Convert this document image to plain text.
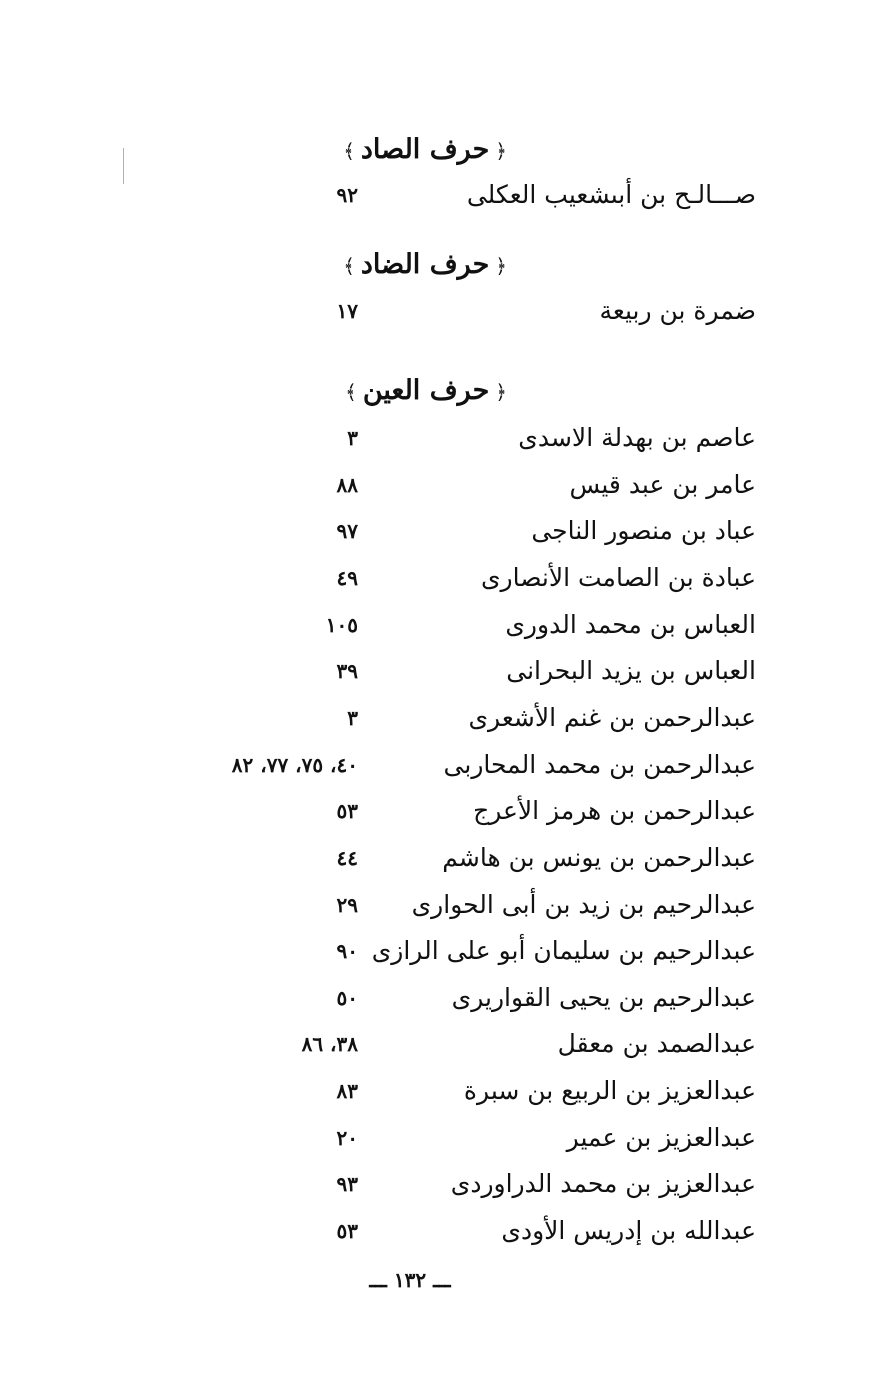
﴿حرف الصاد﴾
صـــالـح بن أبىشعيب العكلى
٩٢
﴿حرف الضاد﴾
ضمرة بن ربيعة
١٧
﴿حرف العين﴾
عاصم بن بهدلة الاسدى
٣
عامر بن عبد قيس
٨٨
عباد بن منصور الناجى
٩٧
عبادة بن الصامت الأنصارى
٤٩
العباس بن محمد الدورى
١٠٥
العباس بن يزيد البحرانى
٣٩
عبدالرحمن بن غنم الأشعرى
٣
عبدالرحمن بن محمد المحاربى
٤٠، ٧٥، ٧٧، ٨٢
عبدالرحمن بن هرمز الأعرج
٥٣
عبدالرحمن بن يونس بن هاشم
٤٤
عبدالرحيم بن زيد بن أبى الحوارى
٢٩
عبدالرحيم بن سليمان أبو على الرازى
٩٠
عبدالرحيم بن يحيى القواريرى
٥٠
عبدالصمد بن معقل
٣٨، ٨٦
عبدالعزيز بن الربيع بن سبرة
٨٣
عبدالعزيز بن عمير
٢٠
عبدالعزيز بن محمد الدراوردى
٩٣
عبدالله بن إدريس الأودى
٥٣
ـــ ١٣٢ ـــ
